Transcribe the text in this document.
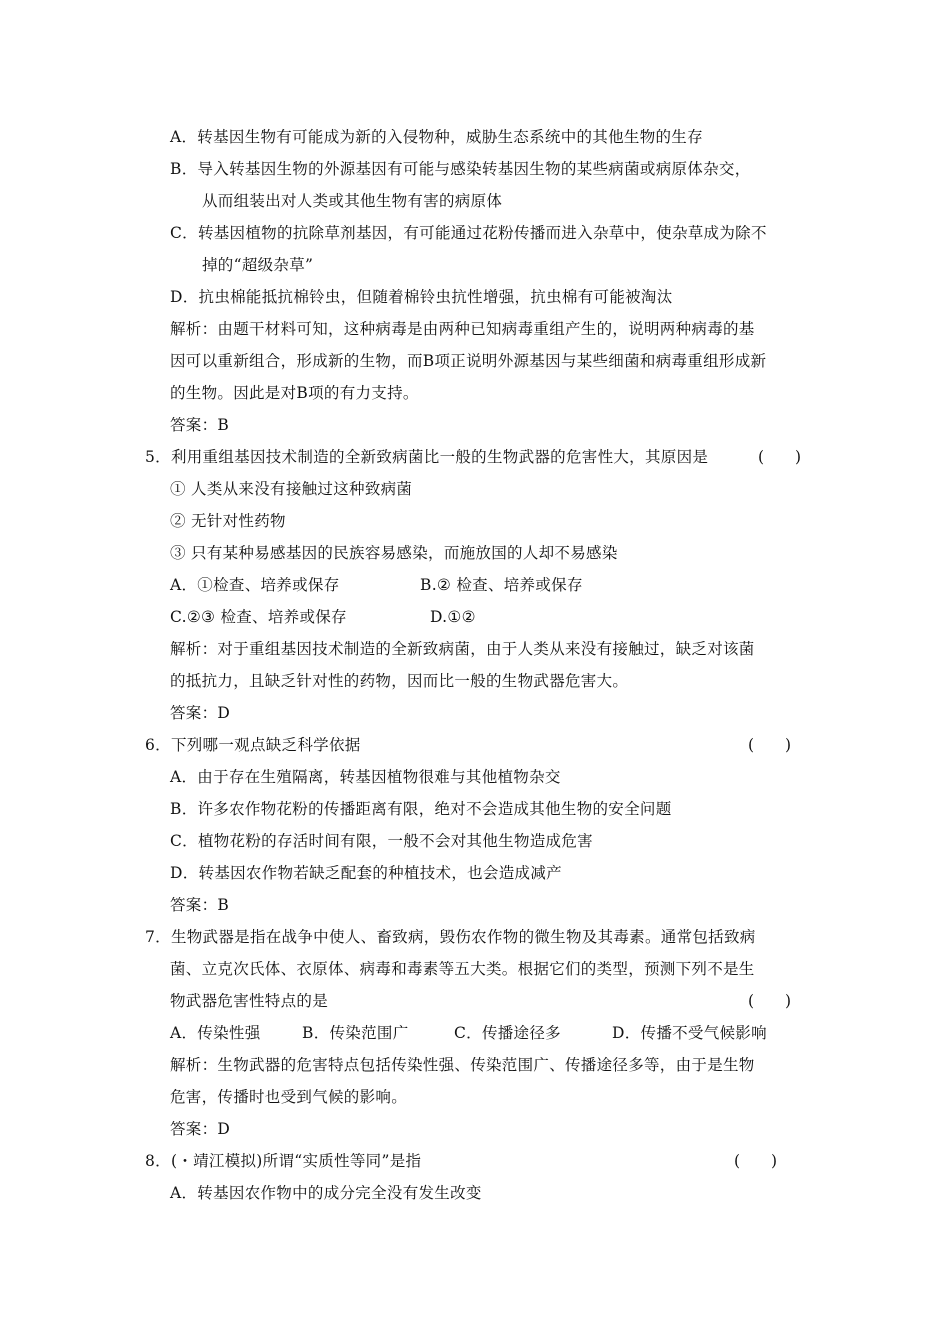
A．转基因生物有可能成为新的入侵物种，威胁生态系统中的其他生物的生存
B．导入转基因生物的外源基因有可能与感染转基因生物的某些病菌或病原体杂交，
从而组装出对人类或其他生物有害的病原体
C．转基因植物的抗除草剂基因，有可能通过花粉传播而进入杂草中，使杂草成为除不
掉的“超级杂草”
D．抗虫棉能抵抗棉铃虫，但随着棉铃虫抗性增强，抗虫棉有可能被淘汰
解析：由题干材料可知，这种病毒是由两种已知病毒重组产生的，说明两种病毒的基
因可以重新组合，形成新的生物，而B项正说明外源基因与某些细菌和病毒重组形成新
的生物。因此是对B项的有力支持。
答案：B
5．利用重组基因技术制造的全新致病菌比一般的生物武器的危害性大，其原因是	(　　)
① 人类从来没有接触过这种致病菌
② 无针对性药物
③ 只有某种易感基因的民族容易感染，而施放国的人却不易感染
A．①检查、培养或保存	B.② 检查、培养或保存
C.②③ 检查、培养或保存	D.①②
解析：对于重组基因技术制造的全新致病菌，由于人类从来没有接触过，缺乏对该菌
的抵抗力，且缺乏针对性的药物，因而比一般的生物武器危害大。
答案：D
6．下列哪一观点缺乏科学依据	(　　)
A．由于存在生殖隔离，转基因植物很难与其他植物杂交
B．许多农作物花粉的传播距离有限，绝对不会造成其他生物的安全问题
C．植物花粉的存活时间有限，一般不会对其他生物造成危害
D．转基因农作物若缺乏配套的种植技术，也会造成减产
答案：B
7．生物武器是指在战争中使人、畜致病，毁伤农作物的微生物及其毒素。通常包括致病
菌、立克次氏体、衣原体、病毒和毒素等五大类。根据它们的类型，预测下列不是生
物武器危害性特点的是	(　　)
A．传染性强	B．传染范围广	C．传播途径多	D．传播不受气候影响
解析：生物武器的危害特点包括传染性强、传染范围广、传播途径多等，由于是生物
危害，传播时也受到气候的影响。
答案：D
8．(・靖江模拟)所谓“实质性等同”是指	(　　)
A．转基因农作物中的成分完全没有发生改变
